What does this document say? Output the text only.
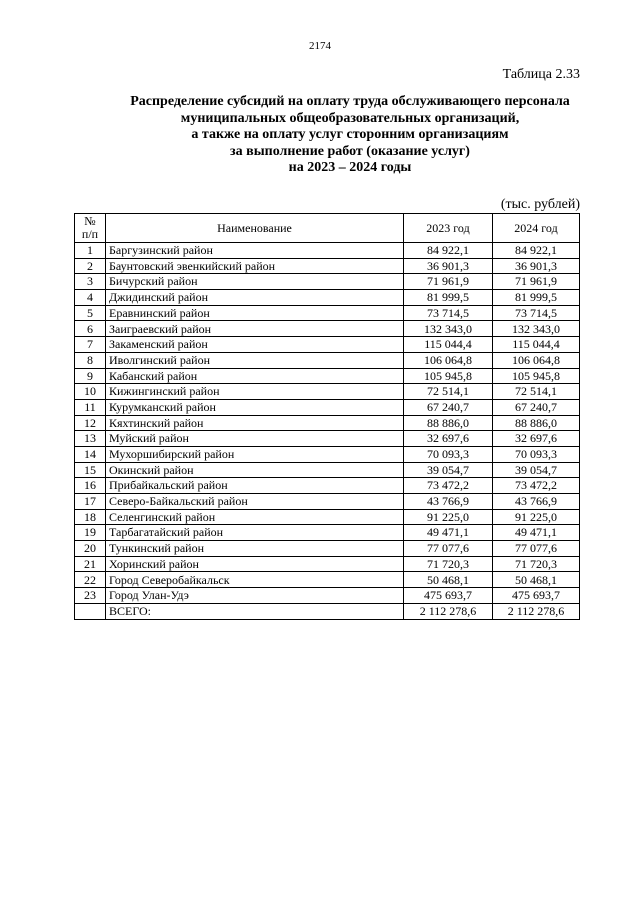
2174
Таблица 2.33
Распределение субсидий на оплату труда обслуживающего персонала
муниципальных общеобразовательных организаций,
а также на оплату услуг сторонним организациям
за выполнение работ (оказание услуг)
на 2023 – 2024 годы
(тыс. рублей)
№
п/п	Наименование	2023 год	2024 год
1	Баргузинский район	84 922,1	84 922,1
2	Баунтовский эвенкийский район	36 901,3	36 901,3
3	Бичурский район	71 961,9	71 961,9
4	Джидинский район	81 999,5	81 999,5
5	Еравнинский район	73 714,5	73 714,5
6	Заиграевский район	132 343,0	132 343,0
7	Закаменский район	115 044,4	115 044,4
8	Иволгинский район	106 064,8	106 064,8
9	Кабанский район	105 945,8	105 945,8
10	Кижингинский район	72 514,1	72 514,1
11	Курумканский район	67 240,7	67 240,7
12	Кяхтинский район	88 886,0	88 886,0
13	Муйский район	32 697,6	32 697,6
14	Мухоршибирский район	70 093,3	70 093,3
15	Окинский район	39 054,7	39 054,7
16	Прибайкальский район	73 472,2	73 472,2
17	Северо-Байкальский район	43 766,9	43 766,9
18	Селенгинский район	91 225,0	91 225,0
19	Тарбагатайский район	49 471,1	49 471,1
20	Тункинский район	77 077,6	77 077,6
21	Хоринский район	71 720,3	71 720,3
22	Город Северобайкальск	50 468,1	50 468,1
23	Город Улан-Удэ	475 693,7	475 693,7
	ВСЕГО:	2 112 278,6	2 112 278,6
